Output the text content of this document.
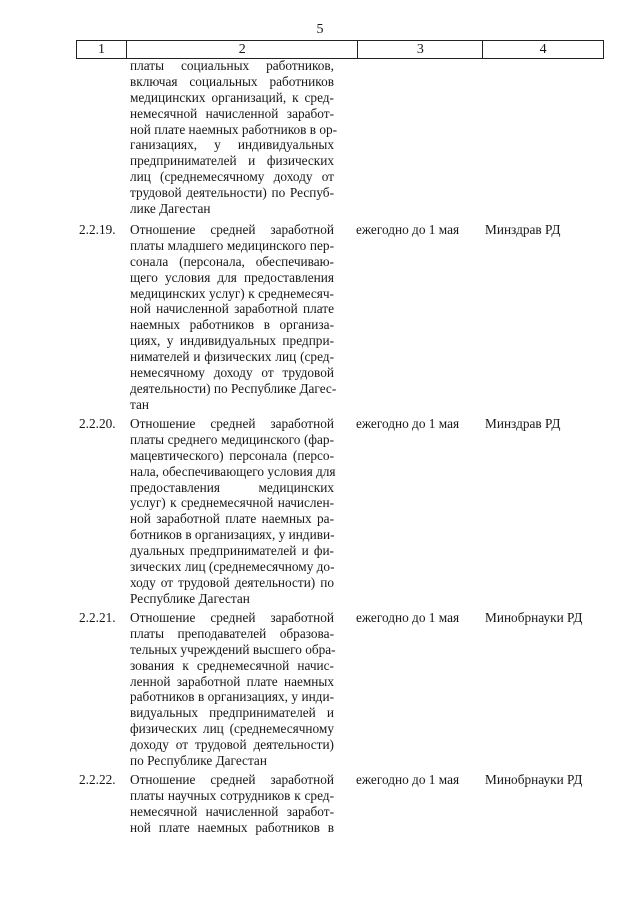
5
1	2	3	4
платы социальных работников,
включая социальных работников
медицинских организаций, к сред-
немесячной начисленной заработ-
ной плате наемных работников в ор-
ганизациях, у индивидуальных
предпринимателей и физических
лиц (среднемесячному доходу от
трудовой деятельности) по Респуб-
лике Дагестан
2.2.19. Отношение средней заработной
платы младшего медицинского пер-
сонала (персонала, обеспечиваю-
щего условия для предоставления
медицинских услуг) к среднемесяч-
ной начисленной заработной плате
наемных работников в организа-
циях, у индивидуальных предпри-
нимателей и физических лиц (сред-
немесячному доходу от трудовой
деятельности) по Республике Дагес-
тан
ежегодно до 1 мая Минздрав РД
2.2.20. Отношение средней заработной
платы среднего медицинского (фар-
мацевтического) персонала (персо-
нала, обеспечивающего условия для
предоставления медицинских
услуг) к среднемесячной начислен-
ной заработной плате наемных ра-
ботников в организациях, у индиви-
дуальных предпринимателей и фи-
зических лиц (среднемесячному до-
ходу от трудовой деятельности) по
Республике Дагестан
ежегодно до 1 мая Минздрав РД
2.2.21. Отношение средней заработной
платы преподавателей образова-
тельных учреждений высшего обра-
зования к среднемесячной начис-
ленной заработной плате наемных
работников в организациях, у инди-
видуальных предпринимателей и
физических лиц (среднемесячному
доходу от трудовой деятельности)
по Республике Дагестан
ежегодно до 1 мая Минобрнауки РД
2.2.22. Отношение средней заработной
платы научных сотрудников к сред-
немесячной начисленной заработ-
ной плате наемных работников в
ежегодно до 1 мая Минобрнауки РД
